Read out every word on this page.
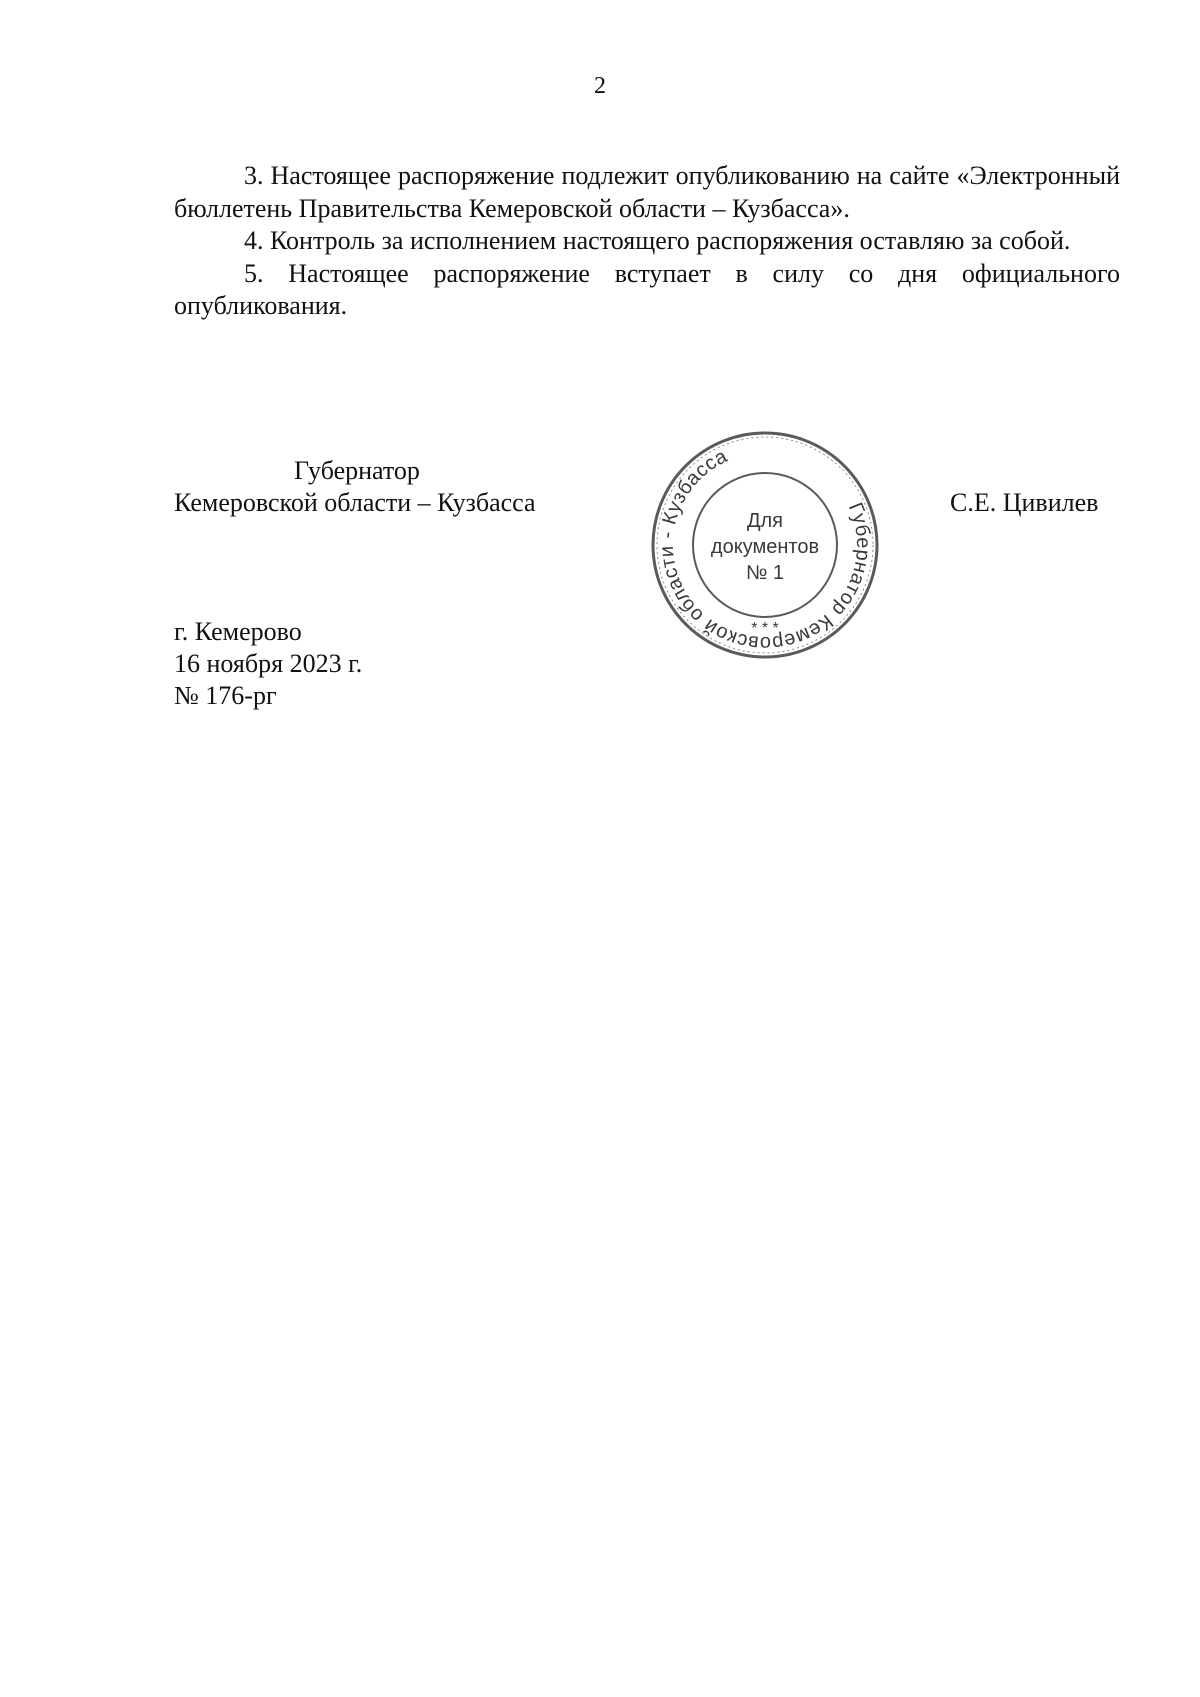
2

3. Настоящее распоряжение подлежит опубликованию на сайте «Электронный бюллетень Правительства Кемеровской области – Кузбасса».

4. Контроль за исполнением настоящего распоряжения оставляю за собой.

5. Настоящее распоряжение вступает в силу со дня официального опубликования.

Губернатор
Кемеровской области – Кузбасса	Губернатор Кемеровской области - Кузбасса
Для
документов
№ 1
* * *
С.Е. Цивилев
г. Кемерово
16 ноября 2023 г.
№ 176-рг
